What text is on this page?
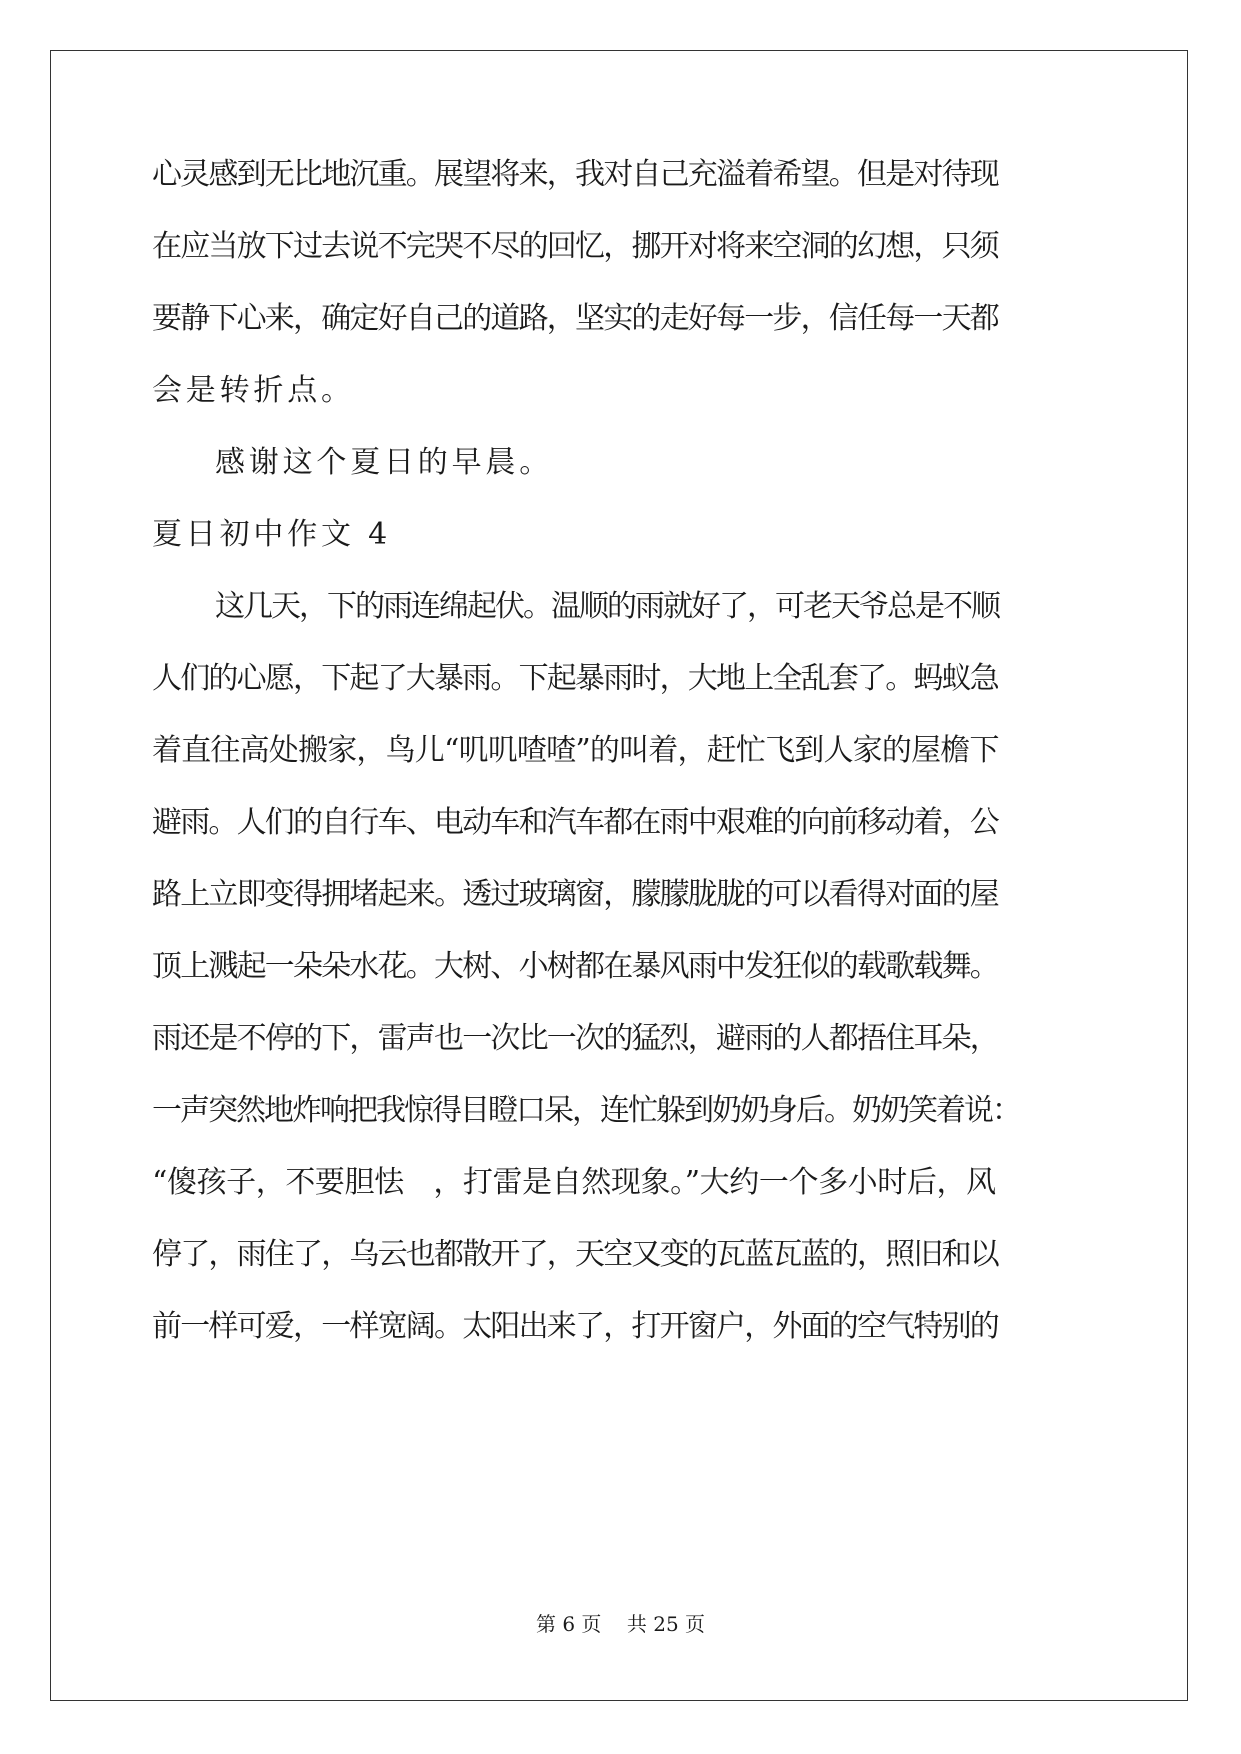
心灵感到无比地沉重。展望将来，我对自己充溢着希望。但是对待现
在应当放下过去说不完哭不尽的回忆，挪开对将来空洞的幻想，只须
要静下心来，确定好自己的道路，坚实的走好每一步，信任每一天都
会是转折点。
感谢这个夏日的早晨。
夏日初中作文 4
这几天，下的雨连绵起伏。温顺的雨就好了，可老天爷总是不顺
人们的心愿，下起了大暴雨。下起暴雨时，大地上全乱套了。蚂蚁急
着直往高处搬家，鸟儿“叽叽喳喳”的叫着，赶忙飞到人家的屋檐下
避雨。人们的自行车、电动车和汽车都在雨中艰难的向前移动着，公
路上立即变得拥堵起来。透过玻璃窗，朦朦胧胧的可以看得对面的屋
顶上溅起一朵朵水花。大树、小树都在暴风雨中发狂似的载歌载舞。
雨还是不停的下，雷声也一次比一次的猛烈，避雨的人都捂住耳朵，
一声突然地炸响把我惊得目瞪口呆，连忙躲到奶奶身后。奶奶笑着说：
“傻孩子，不要胆怯　，打雷是自然现象。”大约一个多小时后，风
停了，雨住了，乌云也都散开了，天空又变的瓦蓝瓦蓝的，照旧和以
前一样可爱，一样宽阔。太阳出来了，打开窗户，外面的空气特别的
第 6 页 共 25 页
